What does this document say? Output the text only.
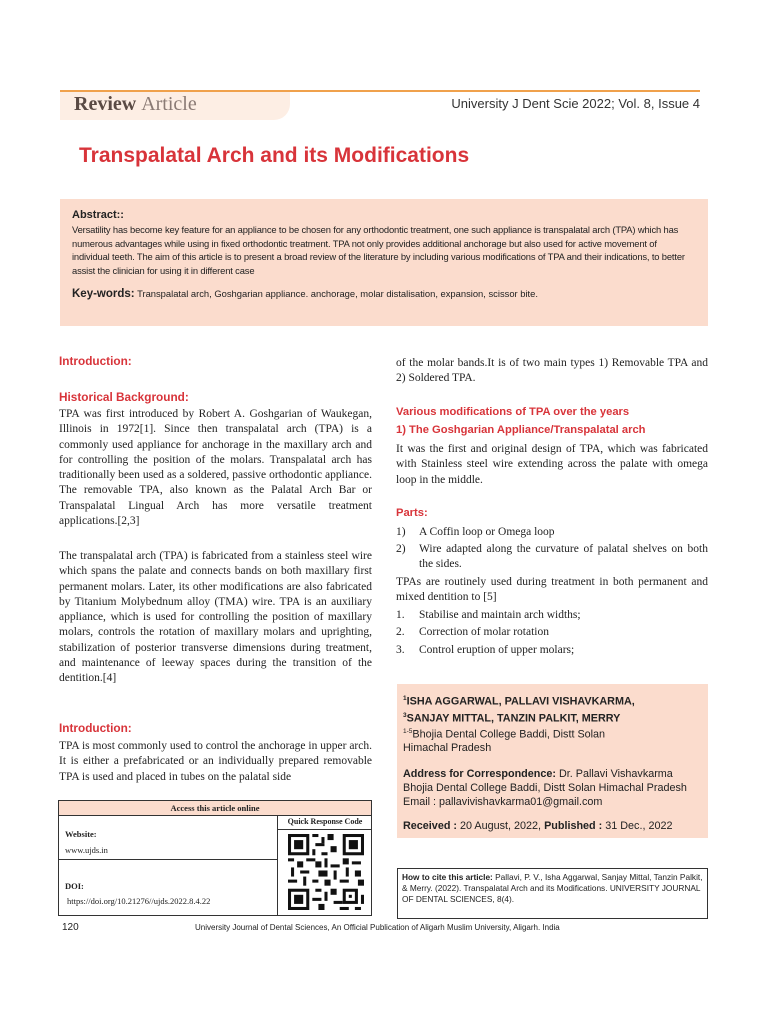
Review Article	University J Dent Scie 2022; Vol. 8, Issue 4
Transpalatal Arch and its Modifications
Abstract::

Versatility has become key feature for an appliance to be chosen for any orthodontic treatment, one such appliance is transpalatal arch (TPA) which has numerous advantages while using in fixed orthodontic treatment. TPA not only provides additional anchorage but also used for active movement of individual teeth. The aim of this article is to present a broad review of the literature by including various modifications of TPA and their indications, to better assist the clinician for using it in different case

Key-words: Transpalatal arch, Goshgarian appliance. anchorage, molar distalisation, expansion, scissor bite.
Introduction:
Historical Background:

TPA was first introduced by Robert A. Goshgarian of Waukegan, Illinois in 1972[1]. Since then transpalatal arch (TPA) is a commonly used appliance for anchorage in the maxillary arch and for controlling the position of the molars. Transpalatal arch has traditionally been used as a soldered, passive orthodontic appliance. The removable TPA, also known as the Palatal Arch Bar or Transpalatal Lingual Arch has more versatile treatment applications.[2,3]

The transpalatal arch (TPA) is fabricated from a stainless steel wire which spans the palate and connects bands on both maxillary first permanent molars. Later, its other modifications are also fabricated by Titanium Molybednum alloy (TMA) wire. TPA is an auxiliary appliance, which is used for controlling the position of maxillary molars, controls the rotation of maxillary molars and uprighting, stabilization of posterior transverse dimensions during treatment, and maintenance of leeway spaces during the transition of the dentition.[4]

Introduction:

TPA is most commonly used to control the anchorage in upper arch. It is either a prefabricated or an individually prepared removable TPA is used and placed in tubes on the palatal side

Access this article online
Website:
www.ujds.in
DOI:
https://doi.org/10.21276//ujds.2022.8.4.22
Quick Response Code

of the molar bands.It is of two main types 1) Removable TPA and 2) Soldered TPA.

Various modifications of TPA over the years
1) The Goshgarian Appliance/Transpalatal arch

It was the first and original design of TPA, which was fabricated with Stainless steel wire extending across the palate with omega loop in the middle.

Parts:
1)	A Coffin loop or Omega loop
2)	Wire adapted along the curvature of palatal shelves on both the sides.

TPAs are routinely used during treatment in both permanent and mixed dentition to [5]

1.	Stabilise and maintain arch widths;
2.	Correction of molar rotation
3.	Control eruption of upper molars;
$^1$ISHA AGGARWAL, PALLAVI VISHAVKARMA,
$^3$SANJAY MITTAL, TANZIN PALKIT, MERRY
$^{1-5}$Bhojia Dental College Baddi, Distt Solan
Himachal Pradesh
Address for Correspondence: Dr. Pallavi Vishavkarma
Bhojia Dental College Baddi, Distt Solan Himachal Pradesh
Email : pallavivishavkarma01@gmail.com
Received : 20 August, 2022, Published : 31 Dec., 2022
How to cite this article: Pallavi, P. V., Isha Aggarwal, Sanjay Mittal, Tanzin Palkit, & Merry. (2022). Transpalatal Arch and its Modifications. UNIVERSITY JOURNAL OF DENTAL SCIENCES, 8(4).
120	University Journal of Dental Sciences, An Official Publication of Aligarh Muslim University, Aligarh. India
